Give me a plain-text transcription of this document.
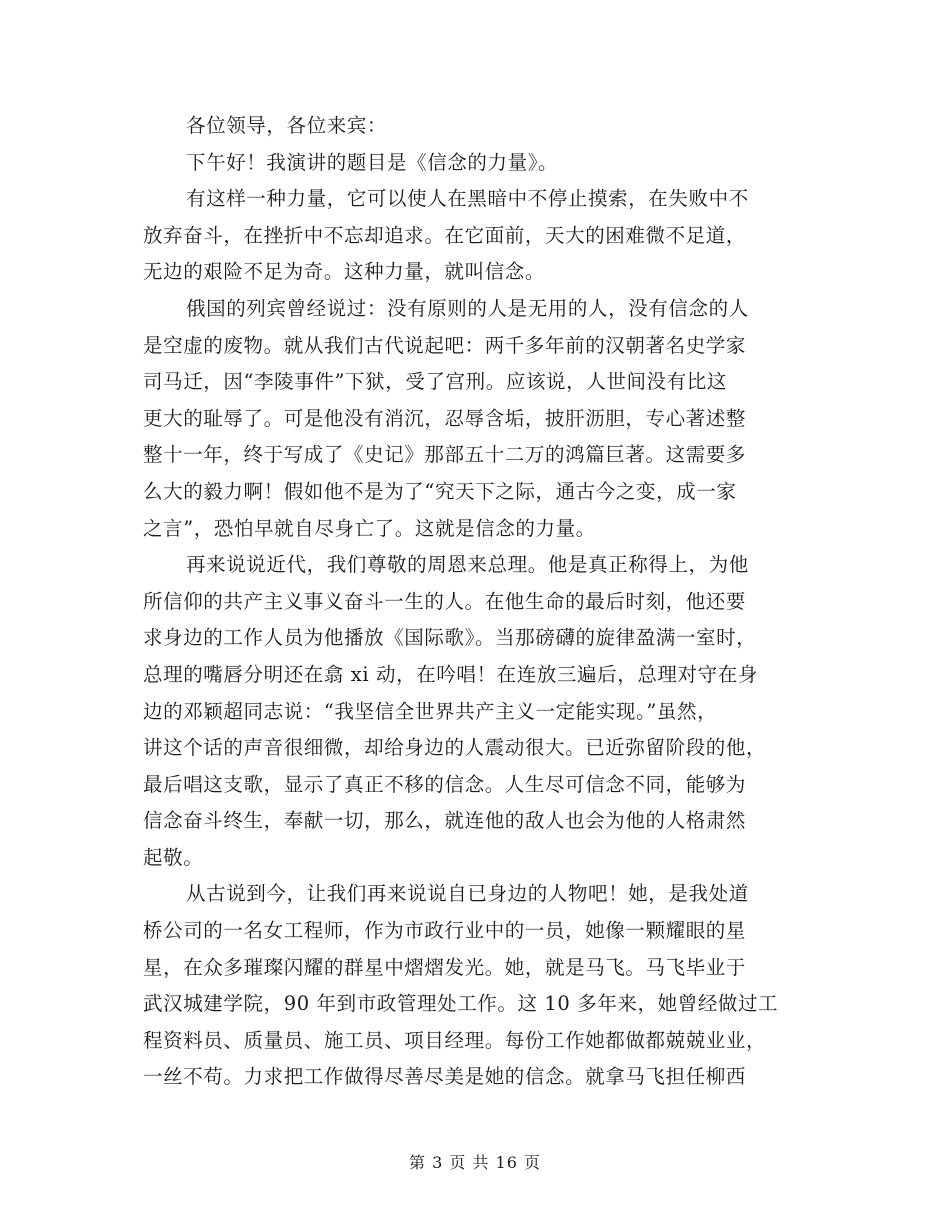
各位领导，各位来宾：
下午好！我演讲的题目是《信念的力量》。
有这样一种力量，它可以使人在黑暗中不停止摸索，在失败中不
放弃奋斗，在挫折中不忘却追求。在它面前，天大的困难微不足道，
无边的艰险不足为奇。这种力量，就叫信念。
俄国的列宾曾经说过：没有原则的人是无用的人，没有信念的人
是空虚的废物。就从我们古代说起吧：两千多年前的汉朝著名史学家
司马迁，因“李陵事件”下狱，受了宫刑。应该说，人世间没有比这
更大的耻辱了。可是他没有消沉，忍辱含垢，披肝沥胆，专心著述整
整十一年，终于写成了《史记》那部五十二万的鸿篇巨著。这需要多
么大的毅力啊！假如他不是为了“究天下之际，通古今之变，成一家
之言”，恐怕早就自尽身亡了。这就是信念的力量。
再来说说近代，我们尊敬的周恩来总理。他是真正称得上，为他
所信仰的共产主义事义奋斗一生的人。在他生命的最后时刻，他还要
求身边的工作人员为他播放《国际歌》。当那磅礴的旋律盈满一室时，
总理的嘴唇分明还在翕 xi 动，在吟唱！在连放三遍后，总理对守在身
边的邓颖超同志说：“我坚信全世界共产主义一定能实现。”虽然，
讲这个话的声音很细微，却给身边的人震动很大。已近弥留阶段的他，
最后唱这支歌，显示了真正不移的信念。人生尽可信念不同，能够为
信念奋斗终生，奉献一切，那么，就连他的敌人也会为他的人格肃然
起敬。
从古说到今，让我们再来说说自已身边的人物吧！她，是我处道
桥公司的一名女工程师，作为市政行业中的一员，她像一颗耀眼的星
星，在众多璀璨闪耀的群星中熠熠发光。她，就是马飞。马飞毕业于
武汉城建学院，90 年到市政管理处工作。这 10 多年来，她曾经做过工
程资料员、质量员、施工员、项目经理。每份工作她都做都兢兢业业，
一丝不苟。力求把工作做得尽善尽美是她的信念。就拿马飞担任柳西
第 3 页 共 16 页
